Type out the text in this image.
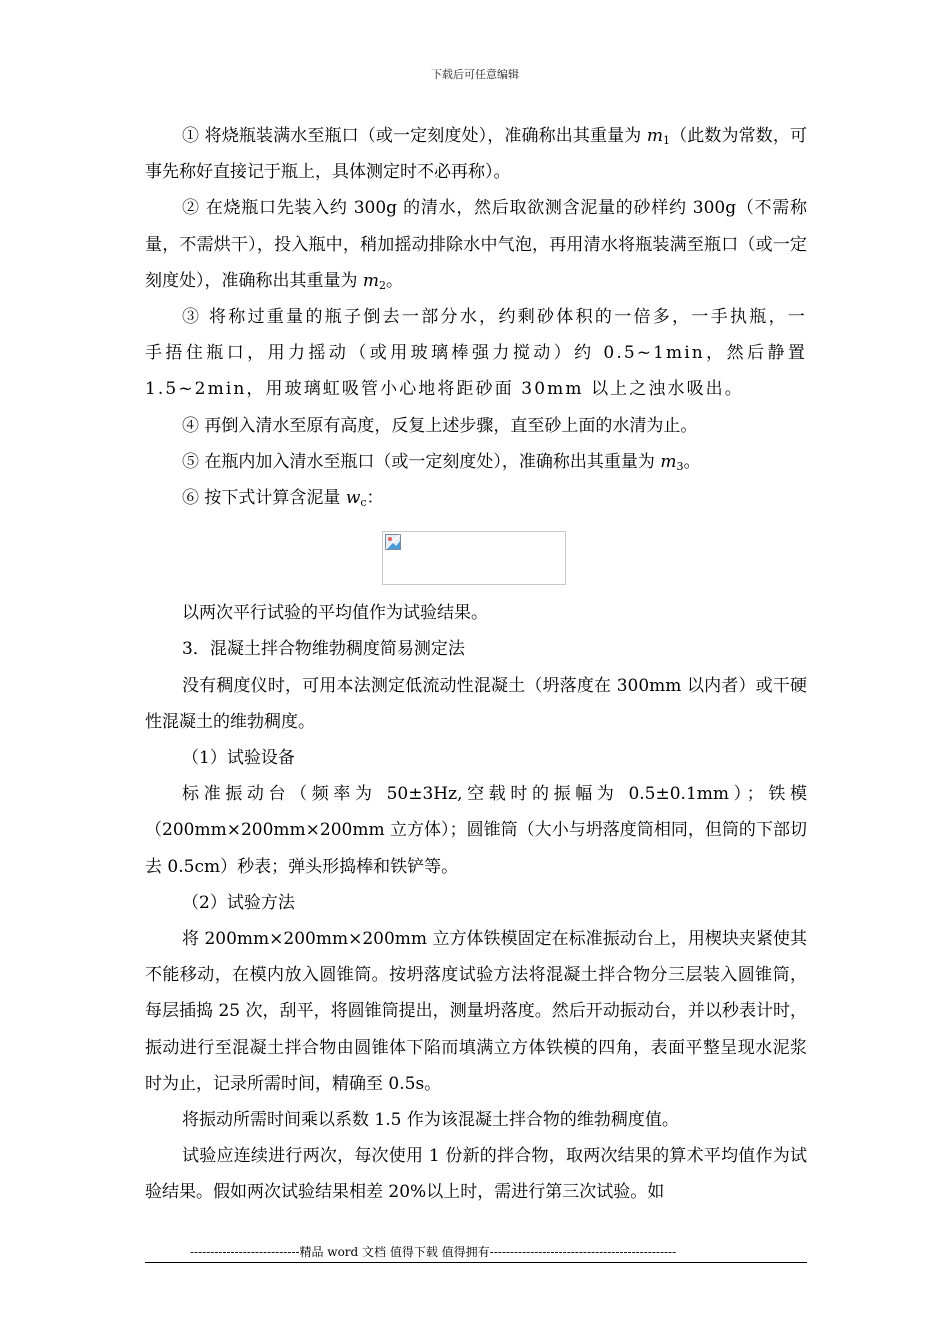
下载后可任意编辑

① 将烧瓶装满水至瓶口（或一定刻度处），准确称出其重量为 $m_1$（此数为常数，可事先称好直接记于瓶上，具体测定时不必再称）。

② 在烧瓶口先装入约 300g 的清水，然后取欲测含泥量的砂样约 300g（不需称量，不需烘干），投入瓶中，稍加摇动排除水中气泡，再用清水将瓶装满至瓶口（或一定刻度处），准确称出其重量为 $m_2$。

③ 将称过重量的瓶子倒去一部分水，约剩砂体积的一倍多，一手执瓶，一手捂住瓶口，用力摇动（或用玻璃棒强力搅动）约 0.5~1min，然后静置 1.5~2min，用玻璃虹吸管小心地将距砂面 30mm 以上之浊水吸出。

④ 再倒入清水至原有高度，反复上述步骤，直至砂上面的水清为止。

⑤ 在瓶内加入清水至瓶口（或一定刻度处），准确称出其重量为 $m_3$。

⑥ 按下式计算含泥量 $w_c$：

以两次平行试验的平均值作为试验结果。

3．混凝土拌合物维勃稠度简易测定法

没有稠度仪时，可用本法测定低流动性混凝土（坍落度在 300mm 以内者）或干硬性混凝土的维勃稠度。

（1）试验设备

标准振动台（频率为 50±3Hz,空载时的振幅为 0.5±0.1mm）；铁模（200mm×200mm×200mm 立方体）；圆锥筒（大小与坍落度筒相同，但筒的下部切去 0.5cm）秒表；弹头形捣棒和铁铲等。

（2）试验方法

将 200mm×200mm×200mm 立方体铁模固定在标准振动台上，用楔块夹紧使其不能移动，在模内放入圆锥筒。按坍落度试验方法将混凝土拌合物分三层装入圆锥筒，每层插捣 25 次，刮平，将圆锥筒提出，测量坍落度。然后开动振动台，并以秒表计时，振动进行至混凝土拌合物由圆锥体下陷而填满立方体铁模的四角，表面平整呈现水泥浆时为止，记录所需时间，精确至 0.5s。

将振动所需时间乘以系数 1.5 作为该混凝土拌合物的维勃稠度值。

试验应连续进行两次，每次使用 1 份新的拌合物，取两次结果的算术平均值作为试验结果。假如两次试验结果相差 20%以上时，需进行第三次试验。如

---------------------------精品 word 文档 值得下载 值得拥有----------------------------------------------
